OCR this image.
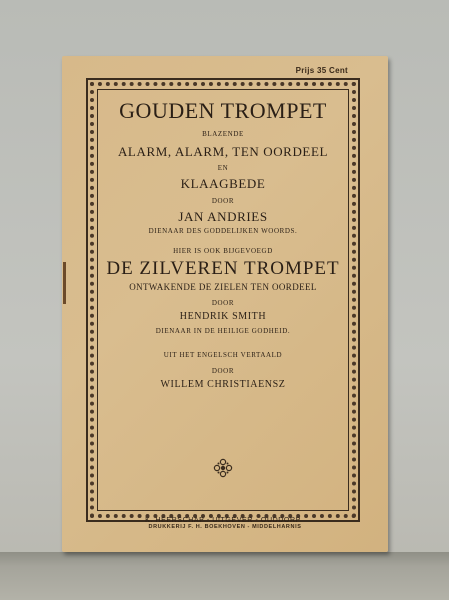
Prijs 35 Cent
GOUDEN TROMPET
BLAZENDE
ALARM, ALARM, TEN OORDEEL
EN
KLAAGBEDE
DOOR
JAN ANDRIES
DIENAAR DES GODDELIJKEN WOORDS.
HIER IS OOK BIJGEVOEGD
DE ZILVEREN TROMPET
ONTWAKENDE DE ZIELEN TEN OORDEEL
DOOR
HENDRIK SMITH
DIENAAR IN DE HEILIGE GODHEID.
UIT HET ENGELSCH VERTAALD
DOOR
WILLEM CHRISTIAENSZ
K. HEERSCHAP - UITGEVER - OUDDORP
DRUKKERIJ F. H. BOEKHOVEN - MIDDELHARNIS
